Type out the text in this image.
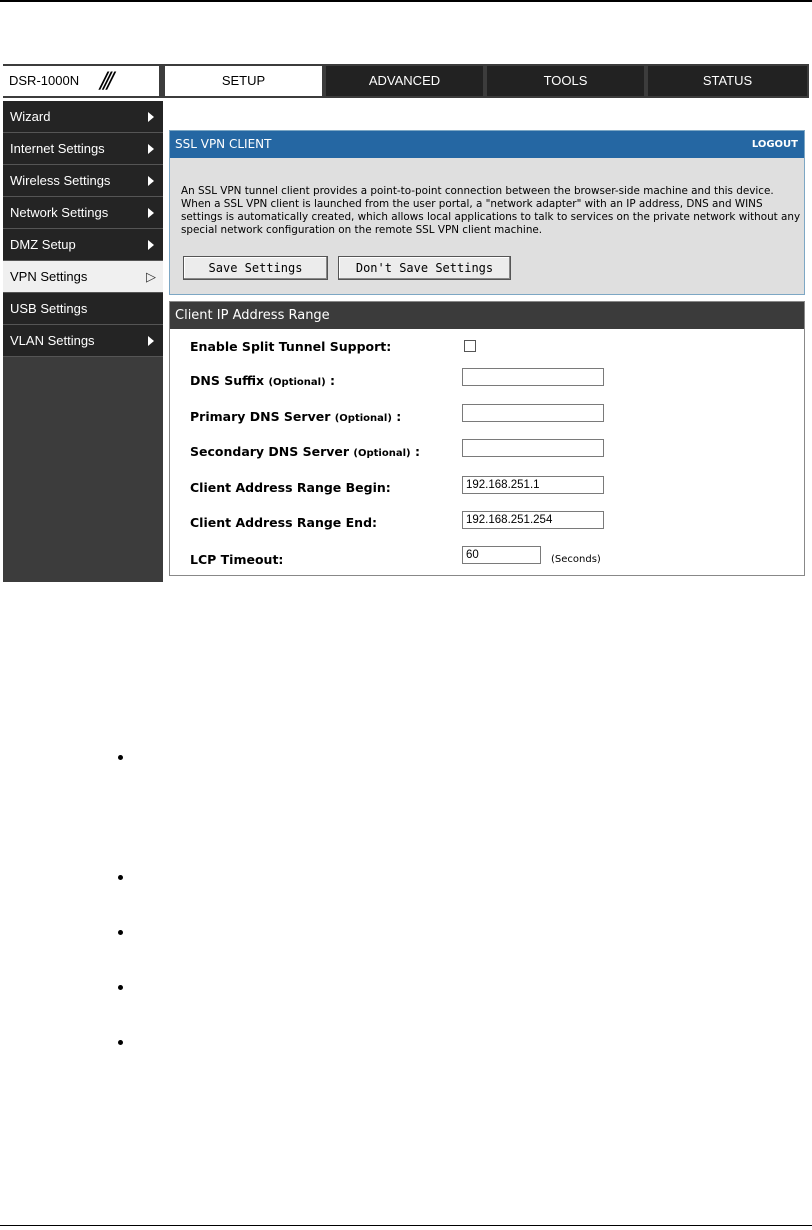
DSR-1000N ///	SETUP	ADVANCED	TOOLS	STATUS
Wizard
Internet Settings
Wireless Settings
Network Settings
DMZ Setup
VPN Settings	▷
USB Settings
VLAN Settings
SSL VPN CLIENT	LOGOUT
An SSL VPN tunnel client provides a point-to-point connection between the browser-side machine and this device. When a SSL VPN client is launched from the user portal, a "network adapter" with an IP address, DNS and WINS settings is automatically created, which allows local applications to talk to services on the private network without any special network configuration on the remote SSL VPN client machine.
Save Settings	Don't Save Settings
Client IP Address Range
Enable Split Tunnel Support:
DNS Suffix (Optional) :
Primary DNS Server (Optional) :
Secondary DNS Server (Optional) :
Client Address Range Begin:
192.168.251.1
Client Address Range End:
192.168.251.254
LCP Timeout:
60	(Seconds)
